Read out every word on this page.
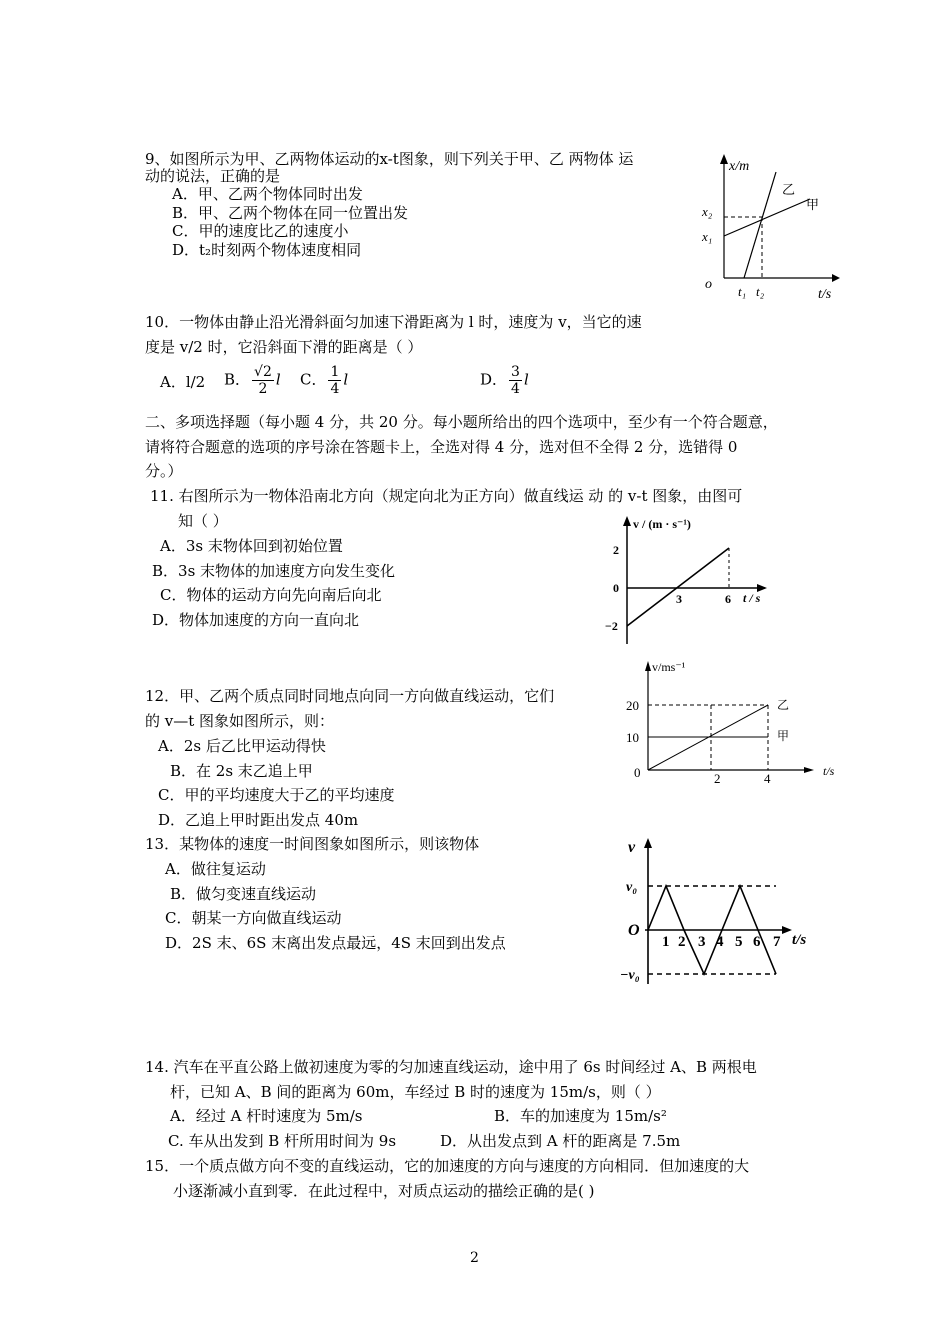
9、如图所示为甲、乙两物体运动的x-t图象，则下列关于甲、乙 两物体 运
动的说法，正确的是
A．甲、乙两个物体同时出发
B．甲、乙两个物体在同一位置出发
C．甲的速度比乙的速度小
D．t₂时刻两个物体速度相同
x/m
t/s
o
x₂
x₁
t₁ t₂
乙
甲
10．一物体由静止沿光滑斜面匀加速下滑距离为 l 时，速度为 v，当它的速
度是 v/2 时，它沿斜面下滑的距离是（ ）
A．l/2 B． $\frac{√2}{2}$ l C． $\frac{1}{4}$ l	D． $\frac{3}{4}$ l
二、多项选择题（每小题 4 分，共 20 分。每小题所给出的四个选项中，至少有一个符合题意，
请将符合题意的选项的序号涂在答题卡上，全选对得 4 分，选对但不全得 2 分，选错得 0
分。）
11. 右图所示为一物体沿南北方向（规定向北为正方向）做直线运 动 的 v-t 图象，由图可
知（ ）
A．3s 末物体回到初始位置
B．3s 末物体的加速度方向发生变化
C．物体的运动方向先向南后向北
D．物体加速度的方向一直向北
v / (m · s⁻¹)
t / s
2
0
−2
3	6
12．甲、乙两个质点同时同地点向同一方向做直线运动，它们
的 v—t 图象如图所示，则：
A．2s 后乙比甲运动得快
B．在 2s 末乙追上甲
C．甲的平均速度大于乙的平均速度
D．乙追上甲时距出发点 40m
v/ms⁻¹
t/s
20
10
0	2	4
乙
甲
13．某物体的速度一时间图象如图所示，则该物体
A．做往复运动
B．做匀变速直线运动
C．朝某一方向做直线运动
D．2S 末、6S 末离出发点最远，4S 末回到出发点
v
t/s
v₀
−v₀
O
1 2 3 4 5 6 7
14. 汽车在平直公路上做初速度为零的匀加速直线运动，途中用了 6s 时间经过 A、B 两根电
杆，已知 A、B 间的距离为 60m，车经过 B 时的速度为 15m/s，则（ ）
A．经过 A 杆时速度为 5m/s	B．车的加速度为 15m/s²
C. 车从出发到 B 杆所用时间为 9s	D．从出发点到 A 杆的距离是 7.5m
15．一个质点做方向不变的直线运动，它的加速度的方向与速度的方向相同．但加速度的大
小逐渐减小直到零．在此过程中，对质点运动的描绘正确的是( )
2
